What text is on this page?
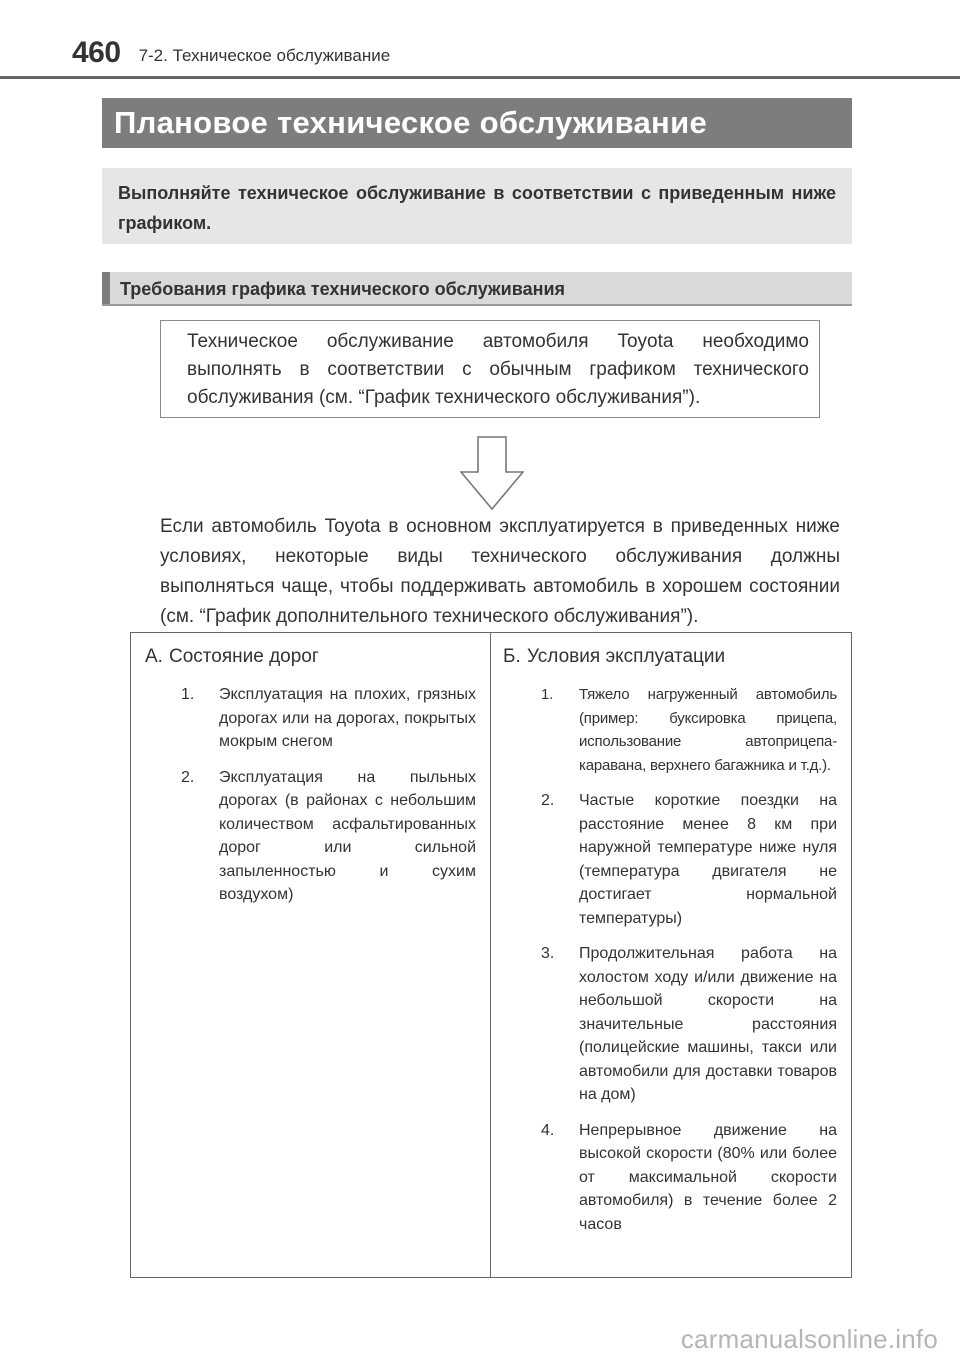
460 7-2. Техническое обслуживание
Плановое техническое обслуживание
Выполняйте техническое обслуживание в соответствии с приведенным ниже графиком.
Требования графика технического обслуживания
Техническое обслуживание автомобиля Toyota необходимо выполнять в соответствии с обычным графиком технического обслуживания (см. “График технического обслуживания”).
Если автомобиль Toyota в основном эксплуатируется в приведенных ниже условиях, некоторые виды технического обслуживания должны выполняться чаще, чтобы поддерживать автомобиль в хорошем состоянии (см. “График дополнительного технического обслуживания”).
А. Состояние дорог
1.	Эксплуатация на плохих, грязных дорогах или на дорогах, покрытых мокрым снегом
2.	Эксплуатация на пыльных дорогах (в районах с небольшим количеством асфальтированных дорог или сильной запыленностью и сухим воздухом)
Б. Условия эксплуатации
1.	Тяжело нагруженный автомобиль (пример: буксировка прицепа, использование автоприцепа-каравана, верхнего багажника и т.д.).
2.	Частые короткие поездки на расстояние менее 8 км при наружной температуре ниже нуля (температура двигателя не достигает нормальной температуры)
3.	Продолжительная работа на холостом ходу и/или движение на небольшой скорости на значительные расстояния (полицейские машины, такси или автомобили для доставки товаров на дом)
4.	Непрерывное движение на высокой скорости (80% или более от максимальной скорости автомобиля) в течение более 2 часов
carmanualsonline.info
